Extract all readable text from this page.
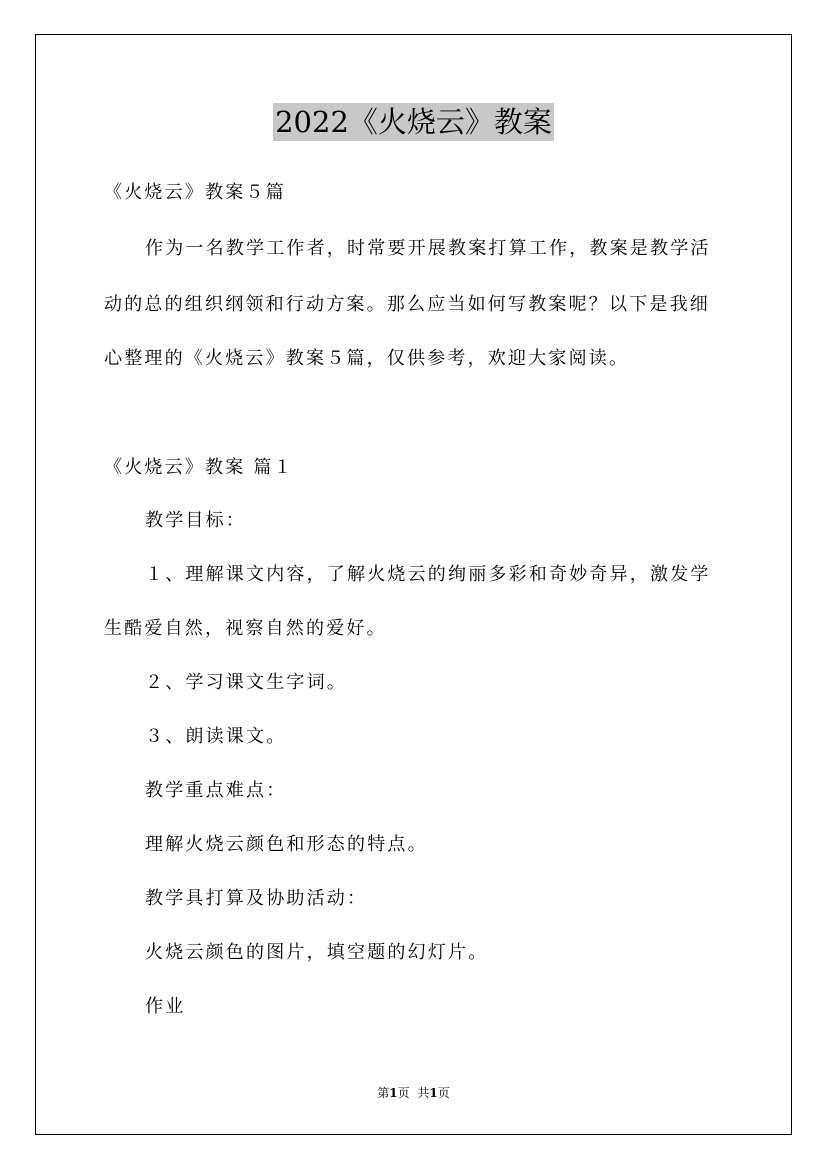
2022《火烧云》教案
《火烧云》教案５篇
作为一名教学工作者，时常要开展教案打算工作，教案是教学活
动的总的组织纲领和行动方案。那么应当如何写教案呢？以下是我细
心整理的《火烧云》教案５篇，仅供参考，欢迎大家阅读。
《火烧云》教案 篇１
教学目标：
１、理解课文内容，了解火烧云的绚丽多彩和奇妙奇异，激发学
生酷爱自然，视察自然的爱好。
２、学习课文生字词。
３、朗读课文。
教学重点难点：
理解火烧云颜色和形态的特点。
教学具打算及协助活动：
火烧云颜色的图片，填空题的幻灯片。
作业
第1页 共1页
